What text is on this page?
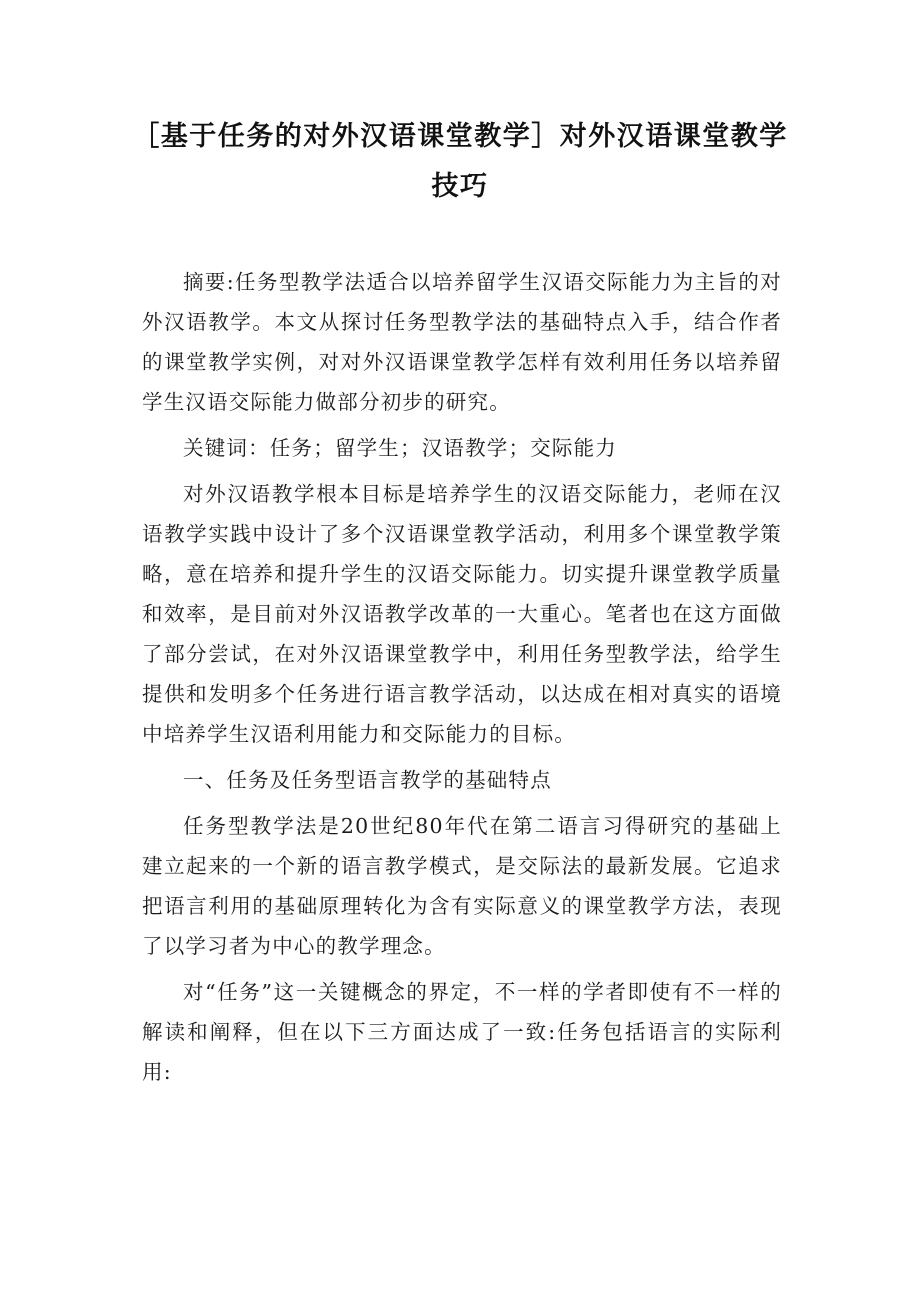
［基于任务的对外汉语课堂教学］对外汉语课堂教学技巧

摘要:任务型教学法适合以培养留学生汉语交际能力为主旨的对外汉语教学。本文从探讨任务型教学法的基础特点入手，结合作者的课堂教学实例，对对外汉语课堂教学怎样有效利用任务以培养留学生汉语交际能力做部分初步的研究。

关键词：任务；留学生；汉语教学；交际能力

对外汉语教学根本目标是培养学生的汉语交际能力，老师在汉语教学实践中设计了多个汉语课堂教学活动，利用多个课堂教学策略，意在培养和提升学生的汉语交际能力。切实提升课堂教学质量和效率，是目前对外汉语教学改革的一大重心。笔者也在这方面做了部分尝试，在对外汉语课堂教学中，利用任务型教学法，给学生提供和发明多个任务进行语言教学活动，以达成在相对真实的语境中培养学生汉语利用能力和交际能力的目标。

一、任务及任务型语言教学的基础特点

任务型教学法是20世纪80年代在第二语言习得研究的基础上建立起来的一个新的语言教学模式，是交际法的最新发展。它追求把语言利用的基础原理转化为含有实际意义的课堂教学方法，表现了以学习者为中心的教学理念。

对“任务”这一关键概念的界定，不一样的学者即使有不一样的解读和阐释，但在以下三方面达成了一致:任务包括语言的实际利用:
